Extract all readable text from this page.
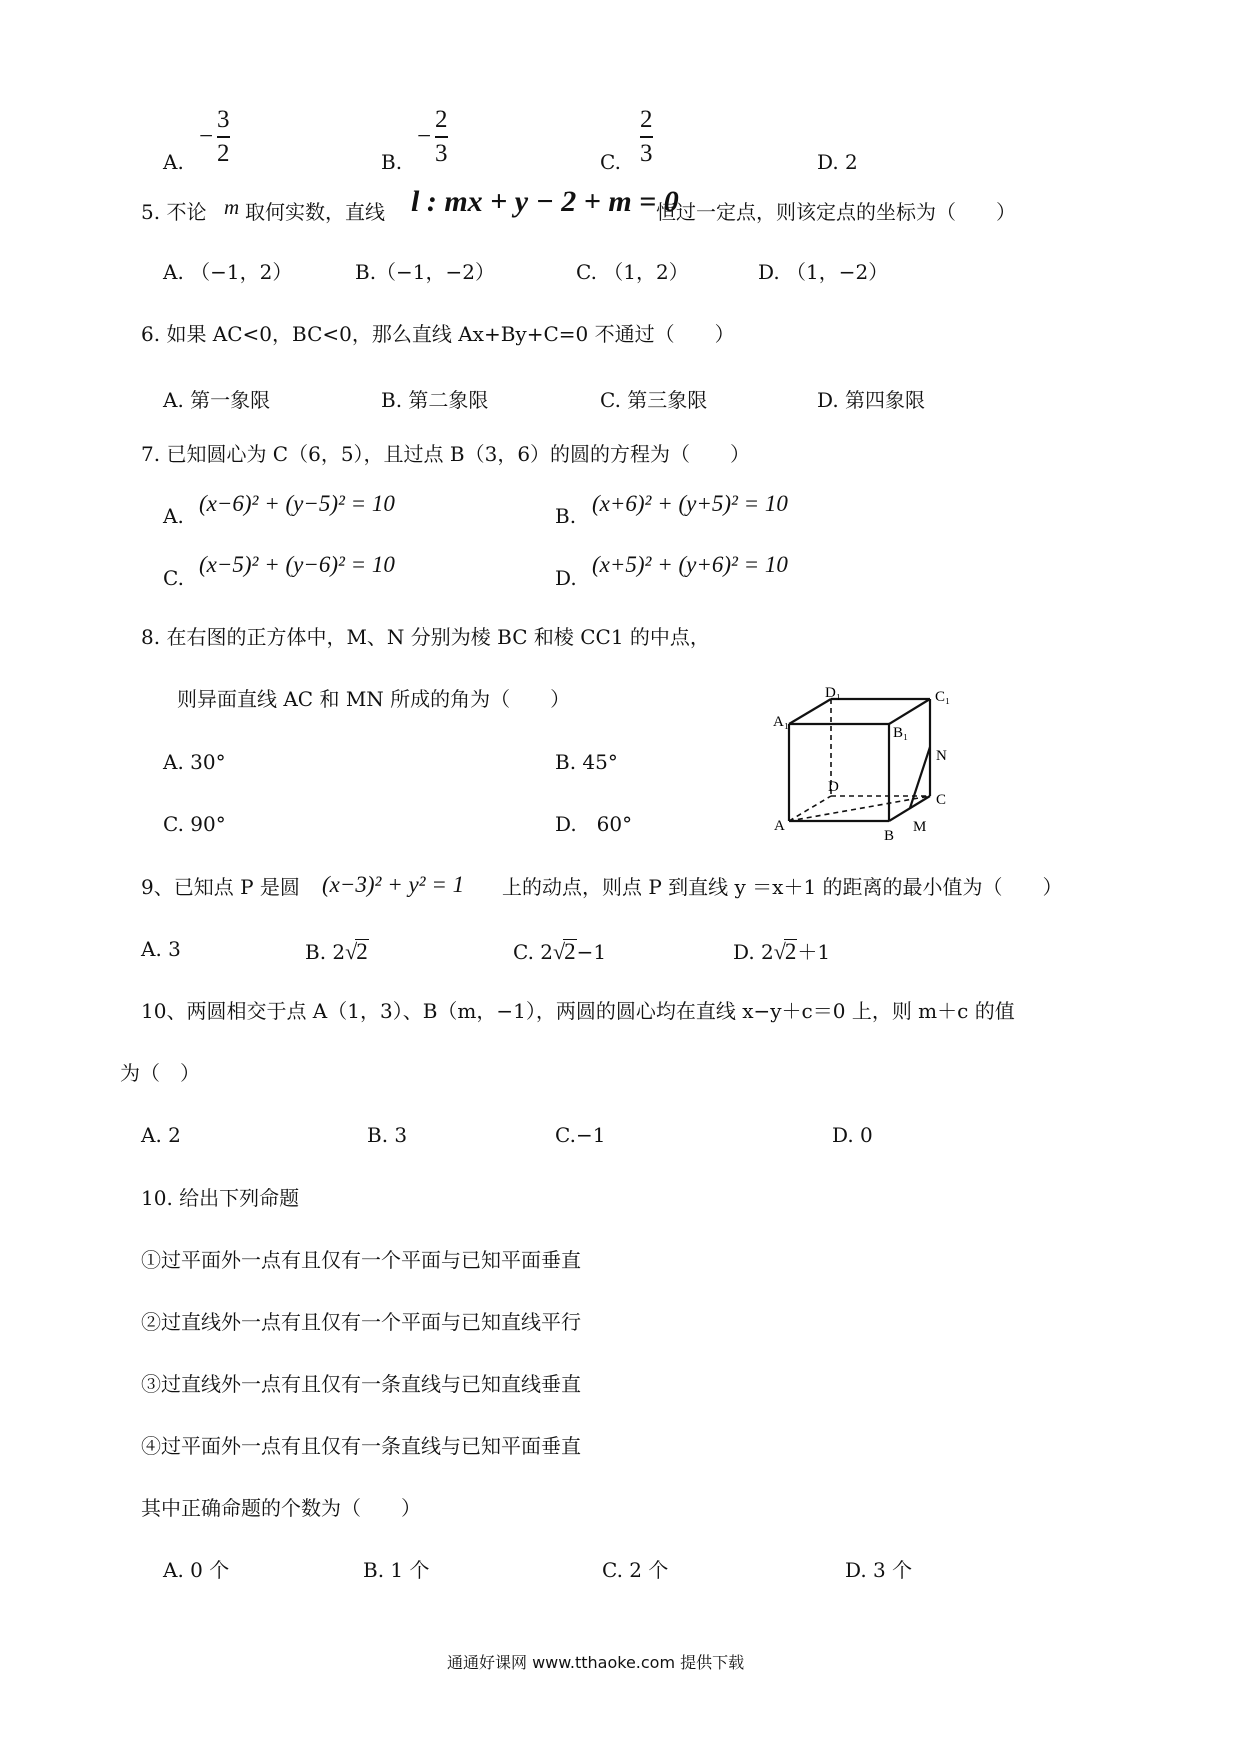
A.
−
3
2	B.
−
2
3	C.
2
3	D. 2
5. 不论 m 取何实数，直线 l : mx + y − 2 + m = 0
恒过一定点，则该定点的坐标为（　　）
A. （−1，2）	B.（−1，−2）	C. （1，2）	D. （1，−2）
6. 如果 AC<0，BC<0，那么直线 Ax+By+C=0 不通过（　　）
A. 第一象限	B. 第二象限	C. 第三象限	D. 第四象限
7. 已知圆心为 C（6，5），且过点 B（3，6）的圆的方程为（　　）
A. (x−6)² + (y−5)² = 10	B. (x+6)² + (y+5)² = 10
C.
(x−5)² + (y−6)² = 10
D.
(x+5)² + (y+6)² = 10
8. 在右图的正方体中，M、N 分别为棱 BC 和棱 CC1 的中点，
则异面直线 AC 和 MN 所成的角为（　　）
A. 30°	B. 45°
C. 90°	D.　60°
D₁	C₁
A₁
B₁
N
D
C
A
B
M
9、已知点 P 是圆 (x−3)² + y² = 1 上的动点，则点 P 到直线 y ＝x＋1 的距离的最小值为（　　）
A. 3	B. 2√2	C. 2√2−1	D. 2√2＋1
10、两圆相交于点 A（1，3）、B（m，−1），两圆的圆心均在直线 x−y＋c＝0 上，则 m＋c 的值
为（　）
A. 2	B. 3	C.−1	D. 0
10. 给出下列命题
①过平面外一点有且仅有一个平面与已知平面垂直
②过直线外一点有且仅有一个平面与已知直线平行
③过直线外一点有且仅有一条直线与已知直线垂直
④过平面外一点有且仅有一条直线与已知平面垂直
其中正确命题的个数为（　　）
A. 0 个	B. 1 个	C. 2 个	D. 3 个
通通好课网 www.tthaoke.com 提供下载
